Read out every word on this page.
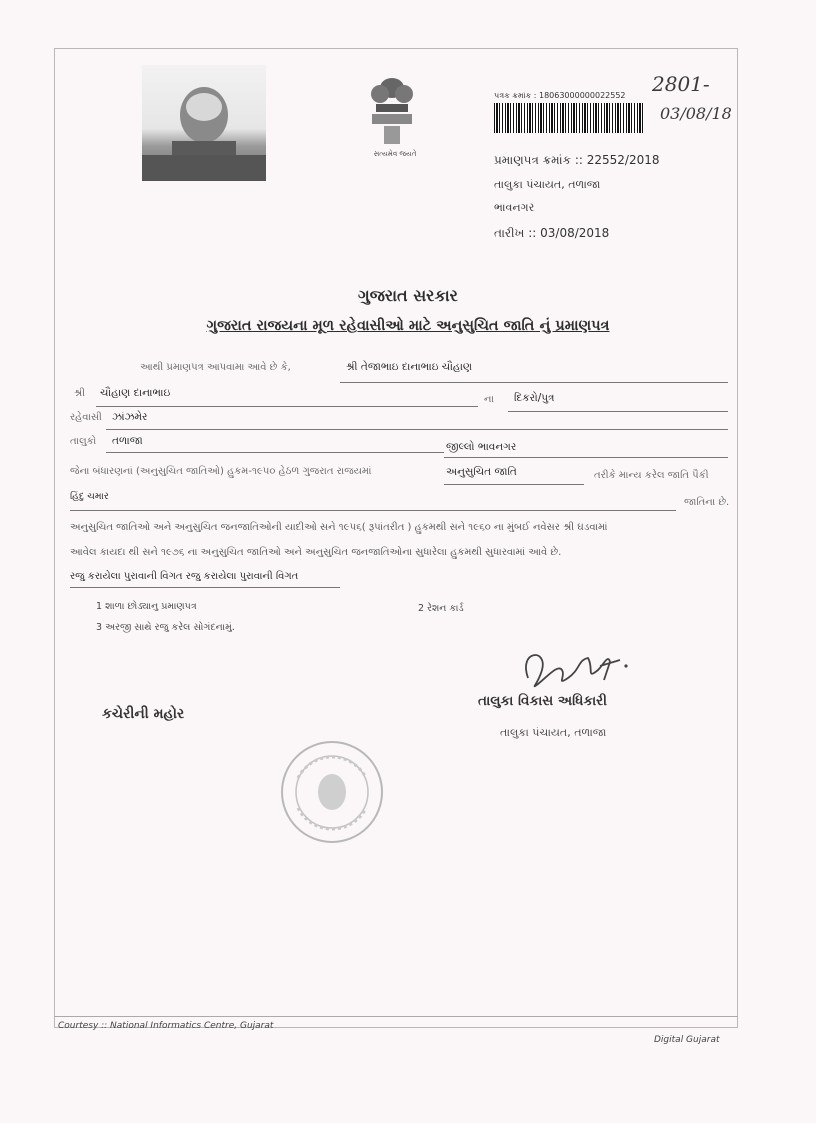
સત્યમેવ જયતે
પત્રક ક્રમાંક : 18063000000022552 2801-
03/08/18
પ્રમાણપત્ર ક્રમાંક :: 22552/2018
તાલુકા પંચાયત, તળાજા
ભાવનગર
તારીખ :: 03/08/2018
ગુજરાત સરકાર
ગુજરાત રાજયના મૂળ રહેવાસીઓ માટે અનુસુચિત જાતિ નું પ્રમાણપત્ર
આથી પ્રમાણપત્ર આપવામા આવે છે કે,	શ્રી તેજાભાઇ દાનાભાઇ ચૌહાણ
શ્રી ચૌહાણ દાનાભાઇ
ના દિકરો/પુત્ર
રહેવાસી ઝાંઝમેર
તાલુકો તળાજા	જીલ્લો ભાવનગર
જેના બંધારણનાં (અનુસુચિત જાતિઓ) હુકમ-૧૯૫૦ હેઠળ ગુજરાત રાજયમાં	અનુસુચિત જાતિ	તરીકે માન્ય કરેલ જાતિ પૈકી
હિંદુ ચમાર
જાતિના છે.
અનુસુચિત જાતિઓ અને અનુસુચિત જનજાતિઓની યાદીઓ સને ૧૯૫૬( રૂપાંતરીત ) હુકમથી સને ૧૯૬૦ ના મુંબઈ નવેસર શ્રી ઘડવામાં
આવેલ કાયદા થી સને ૧૯૭૬ ના અનુસુચિત જાતિઓ અને અનુસુચિત જનજાતિઓના સુધારેલા હુકમથી સુધારવામાં આવે છે.
રજુ કરાયેલા પુરાવાની વિગત રજુ કરાયેલા પુરાવાની વિગત
1 શાળા છોડ્યાનુ પ્રમાણપત્ર	2 રેશન કાર્ડ
3 અરજી સાથે રજુ કરેલ સોગંદનામું.
કચેરીની મહોર
તાલુકા વિકાસ અધિકારી
તાલુકા પંચાયત, તળાજા
Courtesy :: National Informatics Centre, Gujarat
Digital Gujarat
